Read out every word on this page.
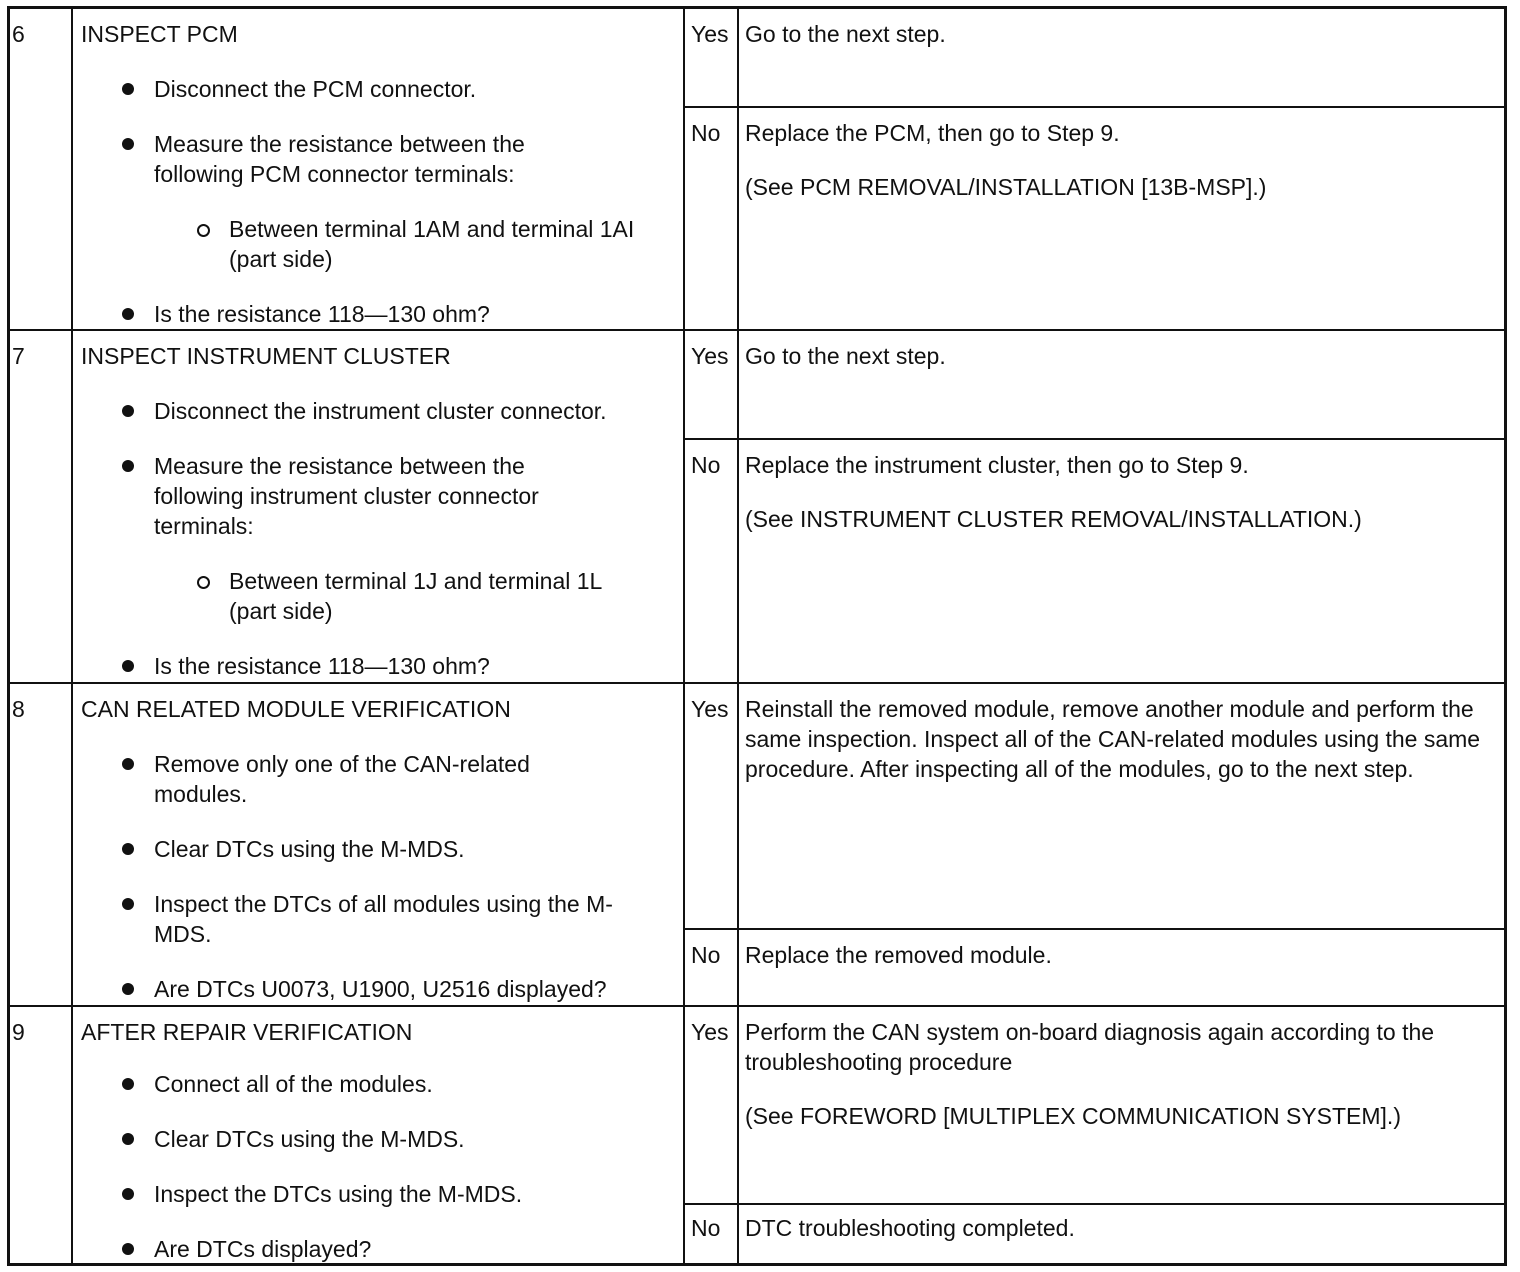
6 INSPECT PCM
Disconnect the PCM connector.
Measure the resistance between the following PCM connector terminals:
Between terminal 1AM and terminal 1AI (part side)
Is the resistance 118—130 ohm?
Yes Go to the next step.

No Replace the PCM, then go to Step 9.

(See PCM REMOVAL/INSTALLATION [13B-MSP].)

7 INSPECT INSTRUMENT CLUSTER
Disconnect the instrument cluster connector.
Measure the resistance between the following instrument cluster connector terminals:
Between terminal 1J and terminal 1L (part side)
Is the resistance 118—130 ohm?
Yes Go to the next step.

No Replace the instrument cluster, then go to Step 9.

(See INSTRUMENT CLUSTER REMOVAL/INSTALLATION.)

8 CAN RELATED MODULE VERIFICATION
Remove only one of the CAN-related modules.
Clear DTCs using the M-MDS.
Inspect the DTCs of all modules using the M-MDS.
Are DTCs U0073, U1900, U2516 displayed?
Yes Reinstall the removed module, remove another module and perform the same inspection. Inspect all of the CAN-related modules using the same procedure. After inspecting all of the modules, go to the next step.

No Replace the removed module.

9 AFTER REPAIR VERIFICATION
Connect all of the modules.
Clear DTCs using the M-MDS.
Inspect the DTCs using the M-MDS.
Are DTCs displayed?
Yes Perform the CAN system on-board diagnosis again according to the troubleshooting procedure

(See FOREWORD [MULTIPLEX COMMUNICATION SYSTEM].)

No DTC troubleshooting completed.
